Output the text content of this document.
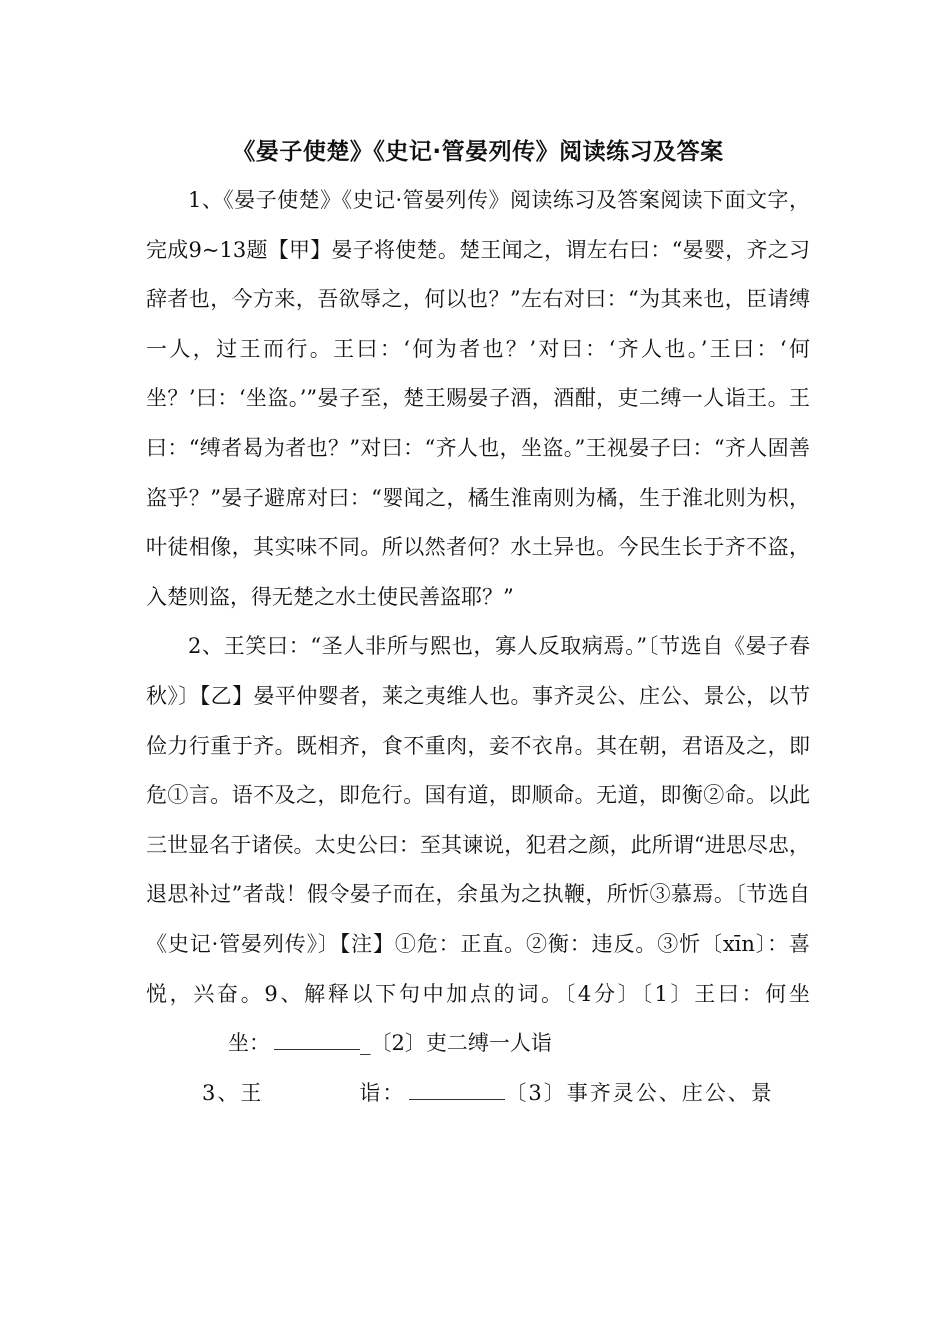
《晏子使楚》《史记·管晏列传》阅读练习及答案

1、《晏子使楚》《史记·管晏列传》阅读练习及答案阅读下面文字，完成9~13题【甲】晏子将使楚。楚王闻之，谓左右曰：“晏婴，齐之习辞者也，今方来，吾欲辱之，何以也？”左右对曰：“为其来也，臣请缚一人，过王而行。王曰：‘何为者也？’对曰：‘齐人也。’王曰：‘何坐？’曰：‘坐盗。’”晏子至，楚王赐晏子酒，酒酣，吏二缚一人诣王。王曰：“缚者曷为者也？”对曰：“齐人也，坐盗。”王视晏子曰：“齐人固善盗乎？”晏子避席对曰：“婴闻之，橘生淮南则为橘，生于淮北则为枳，叶徒相像，其实味不同。所以然者何？水土异也。今民生长于齐不盗，入楚则盗，得无楚之水土使民善盗耶？”

2、王笑曰：“圣人非所与熙也，寡人反取病焉。”〔节选自《晏子春秋》〕【乙】晏平仲婴者，莱之夷维人也。事齐灵公、庄公、景公，以节俭力行重于齐。既相齐，食不重肉，妾不衣帛。其在朝，君语及之，即危①言。语不及之，即危行。国有道，即顺命。无道，即衡②命。以此三世显名于诸侯。太史公曰：至其谏说，犯君之颜，此所谓“进思尽忠，退思补过”者哉！假令晏子而在，余虽为之执鞭，所忻③慕焉。〔节选自《史记·管晏列传》〕【注】①危：正直。②衡：违反。③忻〔xīn〕：喜悦，兴奋。9、解释以下句中加点的词。〔4分〕〔1〕王曰：何坐坐：	_〔2〕吏二缚一人诣

3、王	诣：	〔3〕事齐灵公、庄公、景
